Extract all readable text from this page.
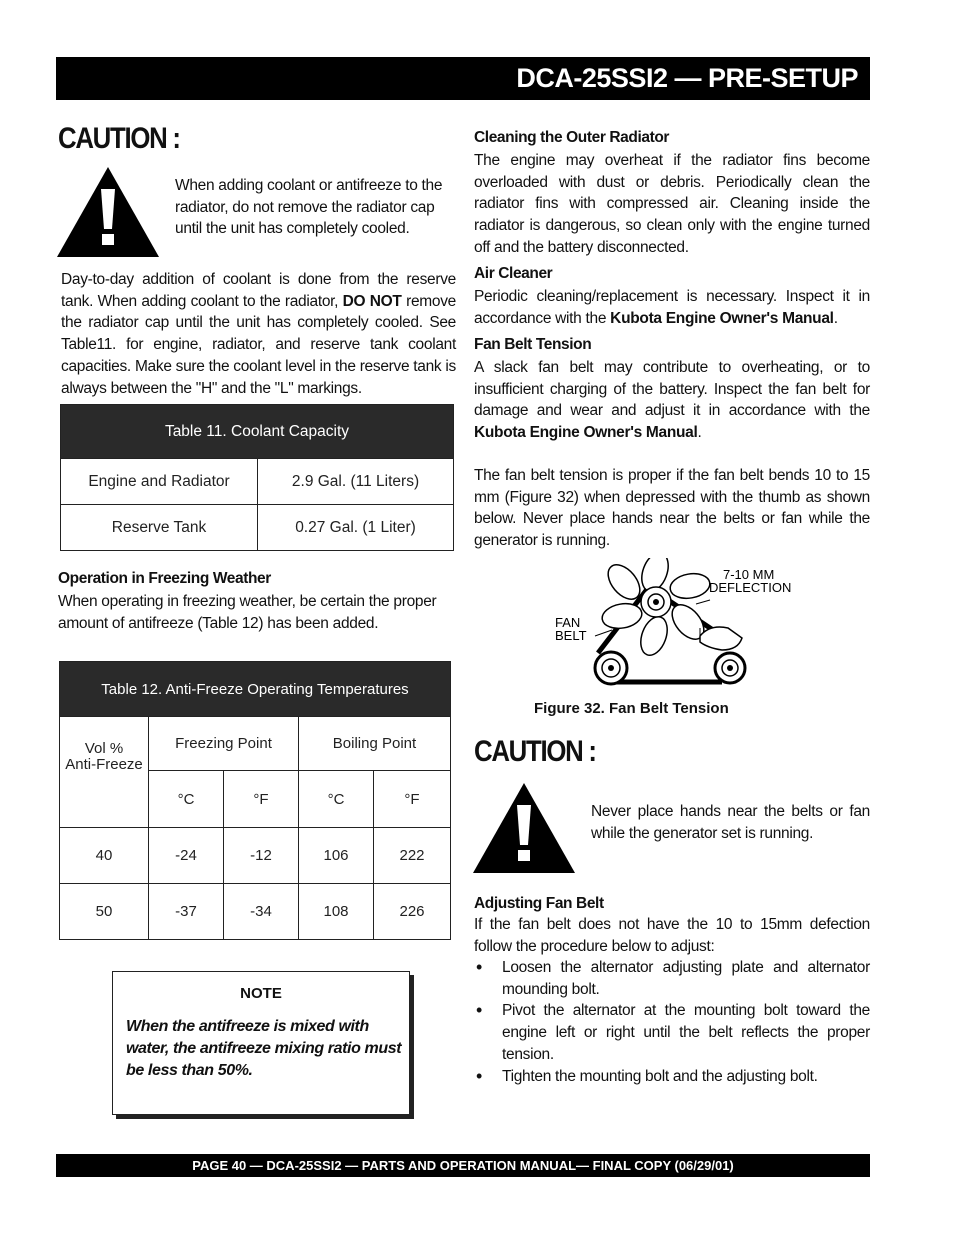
DCA-25SSI2 — PRE-SETUP
CAUTION :
When adding coolant or antifreeze to the radiator, do not remove the radiator cap until the unit has completely cooled.
Day-to-day addition of coolant is done from the reserve tank. When adding coolant to the radiator, DO NOT remove the radiator cap until the unit has completely cooled. See Table11. for engine, radiator, and reserve tank coolant capacities. Make sure the coolant level in the reserve tank is always between the "H" and the "L" markings.
Table 11. Coolant Capacity	
Engine and Radiator	2.9 Gal. (11 Liters)
Reserve Tank	0.27 Gal. (1 Liter)
Operation in Freezing Weather
When operating in freezing weather, be certain the proper amount of antifreeze (Table 12) has been added.
Table 12. Anti-Freeze Operating Temperatures				
Vol %
Anti-Freeze	Freezing Point		Boiling Point	
	°C	°F	°C	°F
40	-24	-12	106	222
50	-37	-34	108	226
NOTE
When the antifreeze is mixed with water, the antifreeze mixing ratio must be less than 50%.
Cleaning the Outer Radiator
The engine may overheat if the radiator fins become overloaded with dust or debris. Periodically clean the radiator fins with compressed air. Cleaning inside the radiator is dangerous, so clean only with the engine turned off and the battery disconnected.
Air Cleaner
Periodic cleaning/replacement is necessary. Inspect it in accordance with the Kubota Engine Owner's Manual.
Fan Belt Tension
A slack fan belt may contribute to overheating, or to insufficient charging of the battery. Inspect the fan belt for damage and wear and adjust it in accordance with the Kubota Engine Owner's Manual.
The fan belt tension is proper if the fan belt bends 10 to 15 mm (Figure 32) when depressed with the thumb as shown below. Never place hands near the belts or fan while the generator is running.
7-10 MM
DEFLECTION
FAN
BELT
Figure 32. Fan Belt Tension
CAUTION :
Never place hands near the belts or fan while the generator set is running.
Adjusting Fan Belt
If the fan belt does not have the 10 to 15mm defection follow the procedure below to adjust:
• Loosen the alternator adjusting plate and alternator mounding bolt.
• Pivot the alternator at the mounting bolt toward the engine left or right until the belt reflects the proper tension.
• Tighten the mounting bolt and the adjusting bolt.
PAGE 40 — DCA-25SSI2 — PARTS AND OPERATION MANUAL— FINAL COPY (06/29/01)
